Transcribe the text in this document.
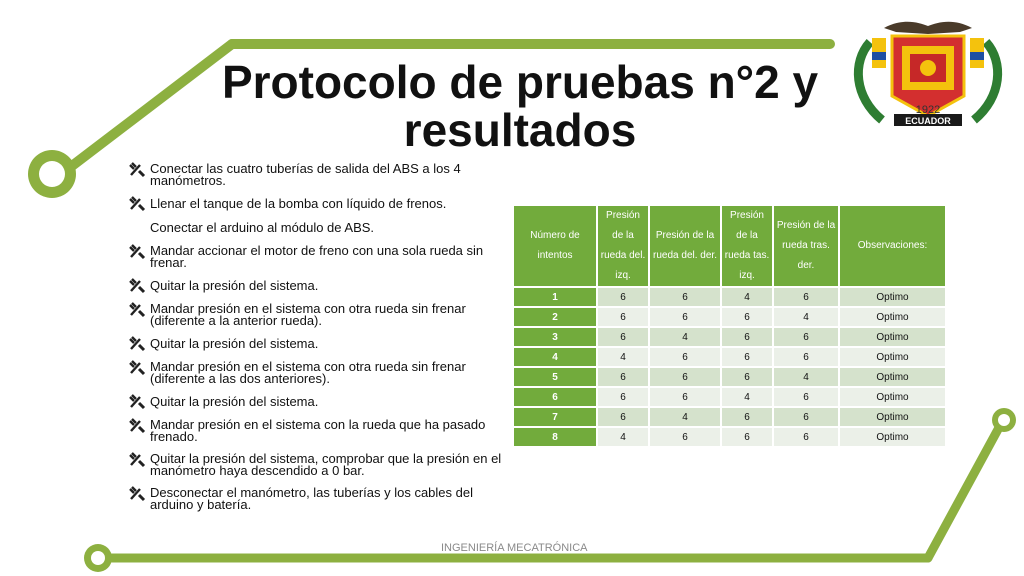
Protocolo de pruebas n°2 y resultados	1922
ECUADOR
Conectar las cuatro tuberías de salida del ABS a los 4 manómetros.
Llenar el tanque de la bomba con líquido de frenos.
Conectar el arduino al módulo de ABS.
Mandar accionar el motor de freno con una sola rueda sin frenar.
Quitar la presión del sistema.
Mandar presión en el sistema con otra rueda sin frenar (diferente a la anterior rueda).
Quitar la presión del sistema.
Mandar presión en el sistema con otra rueda sin frenar (diferente a las dos anteriores).
Quitar la presión del sistema.
Mandar presión en el sistema con la rueda que ha pasado frenado.
Quitar la presión del sistema, comprobar que la presión en el manómetro haya descendido a 0 bar.
Desconectar el manómetro, las tuberías y los cables del arduino y batería.
Número de intentos	Presión de la rueda del. izq.	Presión de la rueda del. der.	Presión de la rueda tas. izq.	Presión de la rueda tras. der.	Observaciones:
1	6	6	4	6	Optimo
2	6	6	6	4	Optimo
3	6	4	6	6	Optimo
4	4	6	6	6	Optimo
5	6	6	6	4	Optimo
6	6	6	4	6	Optimo
7	6	4	6	6	Optimo
8	4	6	6	6	Optimo
INGENIERÍA MECATRÓNICA
